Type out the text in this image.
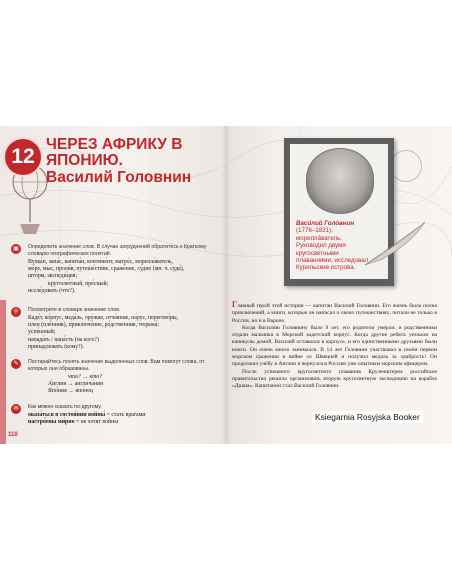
12
ЧЕРЕЗ АФРИКУ В ЯПОНИЮ.
Василий Головнин
▣	Определите значение слов. В случае затруднений обратитесь к Краткому словарю географических понятий.

Вулка́н, запа́с, капита́н, контине́нт, матро́с, морепла́ватель,

мо́ре, мыс, проли́в, путеше́ствие, сраже́ние, су́дно (мн. ч. суда́),

што́рм, экспеди́ция;

кругосве́тный, пре́сный;

иссле́довать (что?).

⚲	Посмотрите в словаре значение слов.

Каде́т, ко́рпус, меда́ль, ору́жие, отча́яние, па́рус, перегово́ры,

плен (плéнник), приключе́ние, ро́дственник, тюрьма́;

успе́шный;

напада́ть / напа́сть (на кого?)

принадлежа́ть (кому?).

✎	Постарайтесь понять значение выделенных слов. Вам помогут слова, от которых они образованы.

что? → кто?

А́нглия → англича́нин

Япо́ния → япо́нец

✉	Как можно сказать по-другому.

оказа́ться в состоя́нии войны́ = стать врагами

настро́ены ми́рно = не хотят войны

110
Васи́лий Голо́внин
(1776–1831),
морепла́ватель. Руководил двумя кругосветными плаваниями, исследовал Курильские острова.

Главный герой этой истории — капитан Василий Головнин. Его жизнь была полна приключений, а книги, которые он написал о своих путешествиях, читали не только в России, но и в Европе.

Когда Василию Головнину было 9 лет, его родители умерли, и родственники отдали мальчика в Морской кадетский корпус. Когда другие ребята уезжали на каникулы домой, Василий оставался в корпусе, и его единственными друзьями были книги. Он очень много занимался. В 14 лет Головнин участвовал в своём первом морском сражении в войне со Швецией и получил медаль за храбрость! Он продолжил учёбу в Англии и вернулся в Россию уже опытным морским офицером.

После успешного кругосветного плавания Крузенштерна российское правительство решило организовать вторую кругосветную экспедицию на корабле «Диана». Капитаном стал Василий Головнин.

Ksiegarnia Rosyjska Booker
